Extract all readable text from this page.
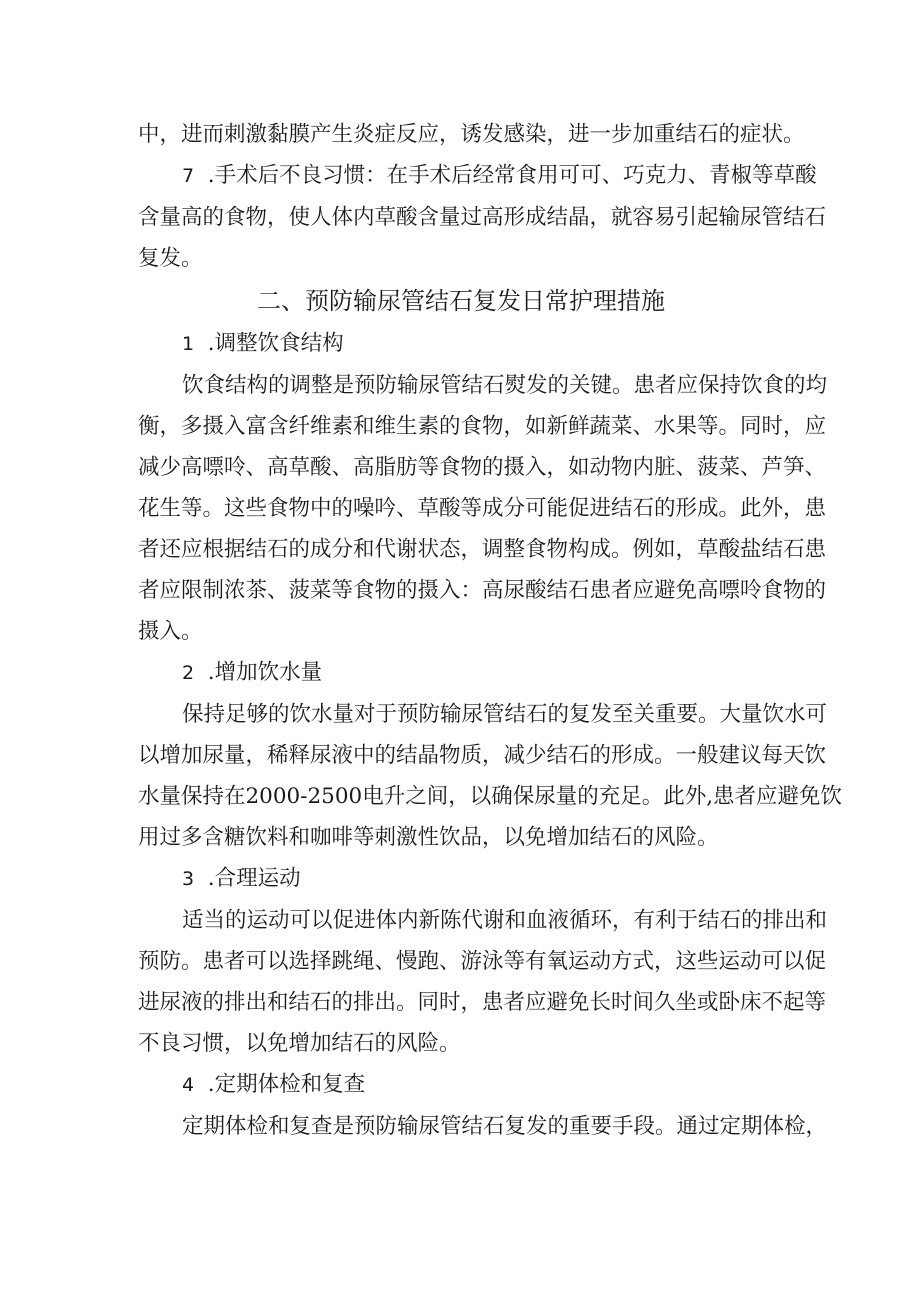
中，进而刺激黏膜产生炎症反应，诱发感染，进一步加重结石的症状。
7 .手术后不良习惯：在手术后经常食用可可、巧克力、青椒等草酸
含量高的食物，使人体内草酸含量过高形成结晶，就容易引起输尿管结石
复发。
二、预防输尿管结石复发日常护理措施
1 .调整饮食结构
饮食结构的调整是预防输尿管结石熨发的关键。患者应保持饮食的均
衡，多摄入富含纤维素和维生素的食物，如新鲜蔬菜、水果等。同时，应
减少高嘌呤、高草酸、高脂肪等食物的摄入，如动物内脏、菠菜、芦笋、
花生等。这些食物中的噪吟、草酸等成分可能促进结石的形成。此外，患
者还应根据结石的成分和代谢状态，调整食物构成。例如，草酸盐结石患
者应限制浓茶、菠菜等食物的摄入：高尿酸结石患者应避免高嘌呤食物的
摄入。
2 .增加饮水量
保持足够的饮水量对于预防输尿管结石的复发至关重要。大量饮水可
以增加尿量，稀释尿液中的结晶物质，减少结石的形成。一般建议每天饮
水量保持在2000-2500电升之间，以确保尿量的充足。此外,患者应避免饮
用过多含糖饮料和咖啡等刺激性饮品，以免增加结石的风险。
3 .合理运动
适当的运动可以促进体内新陈代谢和血液循环，有利于结石的排出和
预防。患者可以选择跳绳、慢跑、游泳等有氧运动方式，这些运动可以促
进尿液的排出和结石的排出。同时，患者应避免长时间久坐或卧床不起等
不良习惯，以免增加结石的风险。
4 .定期体检和复查
定期体检和复查是预防输尿管结石复发的重要手段。通过定期体检，
